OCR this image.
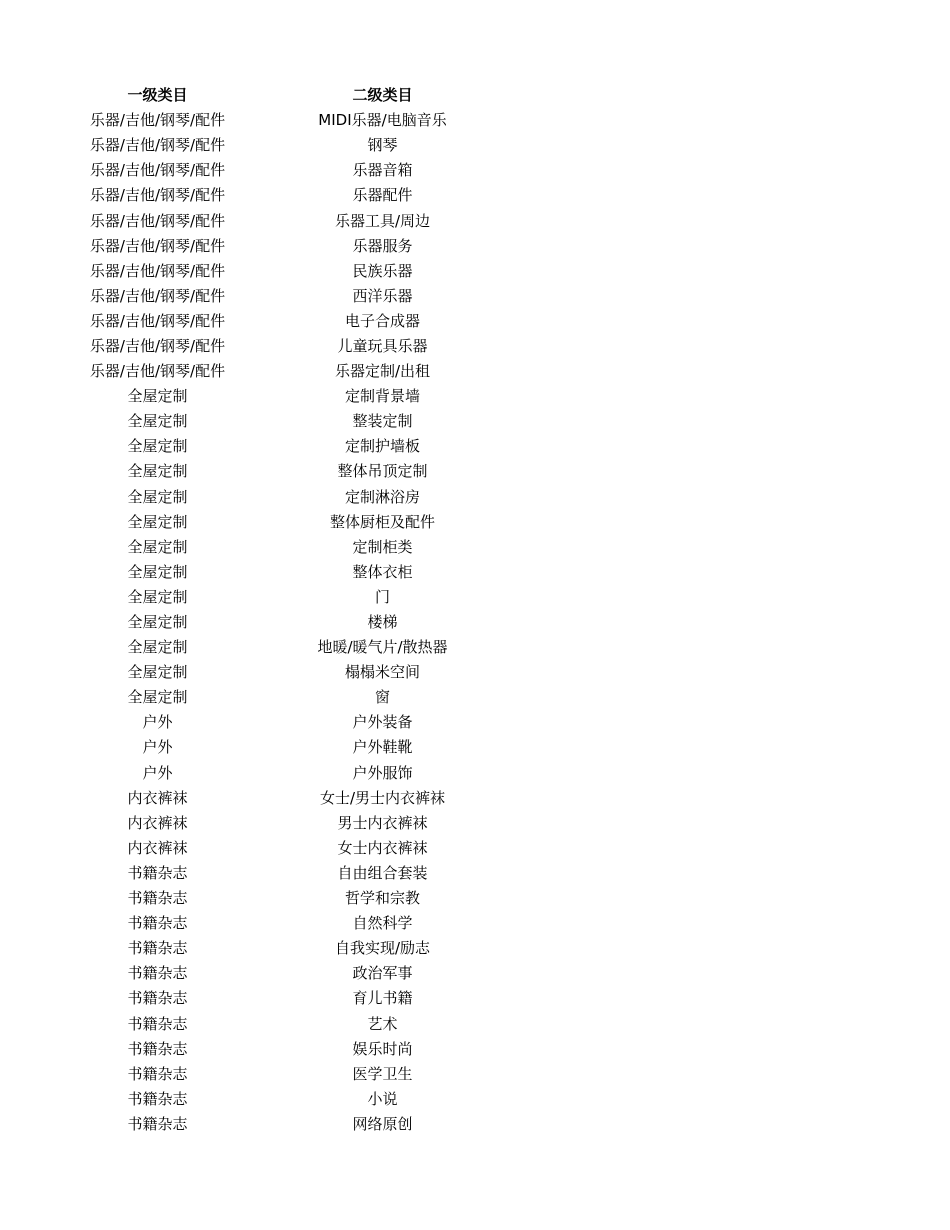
一级类目	二级类目
乐器/吉他/钢琴/配件	MIDI乐器/电脑音乐
乐器/吉他/钢琴/配件	钢琴
乐器/吉他/钢琴/配件	乐器音箱
乐器/吉他/钢琴/配件	乐器配件
乐器/吉他/钢琴/配件	乐器工具/周边
乐器/吉他/钢琴/配件	乐器服务
乐器/吉他/钢琴/配件	民族乐器
乐器/吉他/钢琴/配件	西洋乐器
乐器/吉他/钢琴/配件	电子合成器
乐器/吉他/钢琴/配件	儿童玩具乐器
乐器/吉他/钢琴/配件	乐器定制/出租
全屋定制	定制背景墙
全屋定制	整装定制
全屋定制	定制护墙板
全屋定制	整体吊顶定制
全屋定制	定制淋浴房
全屋定制	整体厨柜及配件
全屋定制	定制柜类
全屋定制	整体衣柜
全屋定制	门
全屋定制	楼梯
全屋定制	地暖/暖气片/散热器
全屋定制	榻榻米空间
全屋定制	窗
户外	户外装备
户外	户外鞋靴
户外	户外服饰
内衣裤袜	女士/男士内衣裤袜
内衣裤袜	男士内衣裤袜
内衣裤袜	女士内衣裤袜
书籍杂志	自由组合套装
书籍杂志	哲学和宗教
书籍杂志	自然科学
书籍杂志	自我实现/励志
书籍杂志	政治军事
书籍杂志	育儿书籍
书籍杂志	艺术
书籍杂志	娱乐时尚
书籍杂志	医学卫生
书籍杂志	小说
书籍杂志	网络原创
